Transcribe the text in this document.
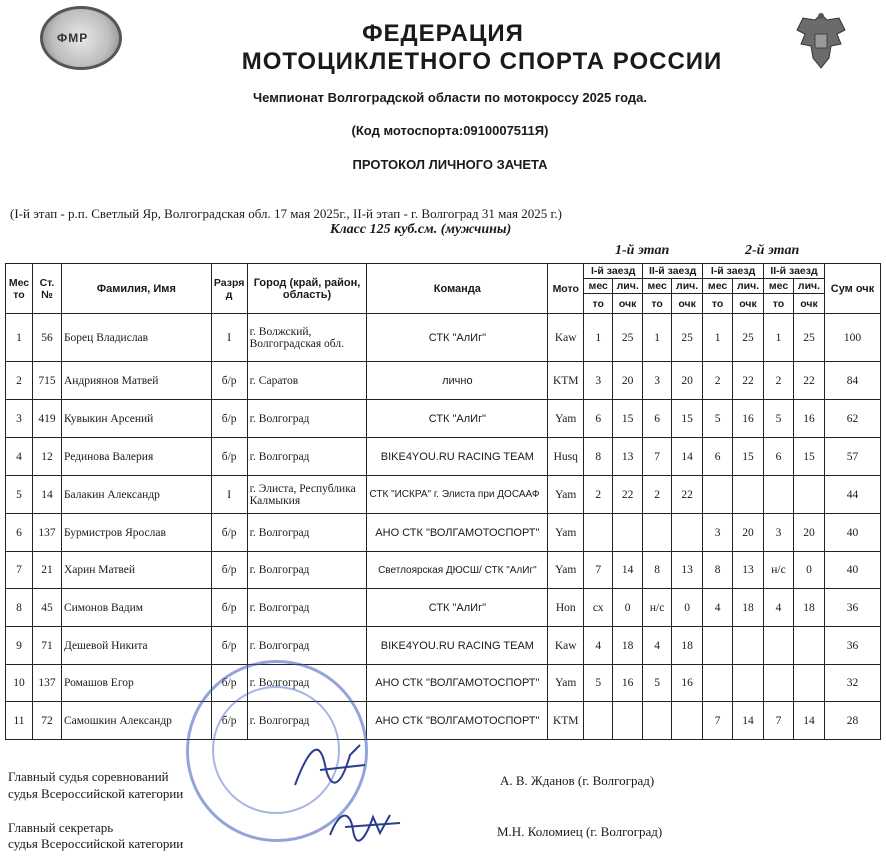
ФМР	ФЕДЕРАЦИЯ
МОТОЦИКЛЕТНОГО СПОРТА РОССИИ
Чемпионат Волгоградской области по мотокроссу 2025 года.
(Код мотоспорта:0910007511Я)
ПРОТОКОЛ ЛИЧНОГО ЗАЧЕТА
(I-й этап - р.п. Светлый Яр, Волгоградская обл. 17 мая 2025г., II-й этап - г. Волгоград 31 мая 2025 г.)
Класс 125 куб.см. (мужчины)
1-й этап	2-й этап
Мес то	Ст. №	Фамилия, Имя	Разря д	Город (край, район, область)	Команда	Мото	I-й заезд		II-й заезд		I-й заезд		II-й заезд		Сум очк
							мес	лич.	мес	лич.	мес	лич.	мес	лич.	
							то	очк	то	очк	то	очк	то	очк	
1	56	Борец Владислав	I	г. Волжский, Волгоградская обл.	СТК "АлИг"	Kaw	1	25	1	25	1	25	1	25	100
2	715	Андриянов Матвей	б/р	г. Саратов	лично	KTM	3	20	3	20	2	22	2	22	84
3	419	Кувыкин Арсений	б/р	г. Волгоград	СТК "АлИг"	Yam	6	15	6	15	5	16	5	16	62
4	12	Рединова Валерия	б/р	г. Волгоград	BIKE4YOU.RU RACING TEAM	Husq	8	13	7	14	6	15	6	15	57
5	14	Балакин Александр	I	г. Элиста, Республика Калмыкия	СТК "ИСКРА" г. Элиста при ДОСААФ	Yam	2	22	2	22					44
6	137	Бурмистров Ярослав	б/р	г. Волгоград	АНО СТК "ВОЛГАМОТОСПОРТ"	Yam					3	20	3	20	40
7	21	Харин Матвей	б/р	г. Волгоград	Светлоярская ДЮСШ/ СТК "АлИг"	Yam	7	14	8	13	8	13	н/с	0	40
8	45	Симонов Вадим	б/р	г. Волгоград	СТК "АлИг"	Hon	сх	0	н/с	0	4	18	4	18	36
9	71	Дешевой Никита	б/р	г. Волгоград	BIKE4YOU.RU RACING TEAM	Kaw	4	18	4	18					36
10	137	Ромашов Егор	б/р	г. Волгоград	АНО СТК "ВОЛГАМОТОСПОРТ"	Yam	5	16	5	16					32
11	72	Самошкин Александр	б/р	г. Волгоград	АНО СТК "ВОЛГАМОТОСПОРТ"	KTM					7	14	7	14	28
Главный судья соревнований
судья Всероссийской категории
А. В. Жданов (г. Волгоград)
Главный секретарь
судья Всероссийской категории
М.Н. Коломиец (г. Волгоград)
